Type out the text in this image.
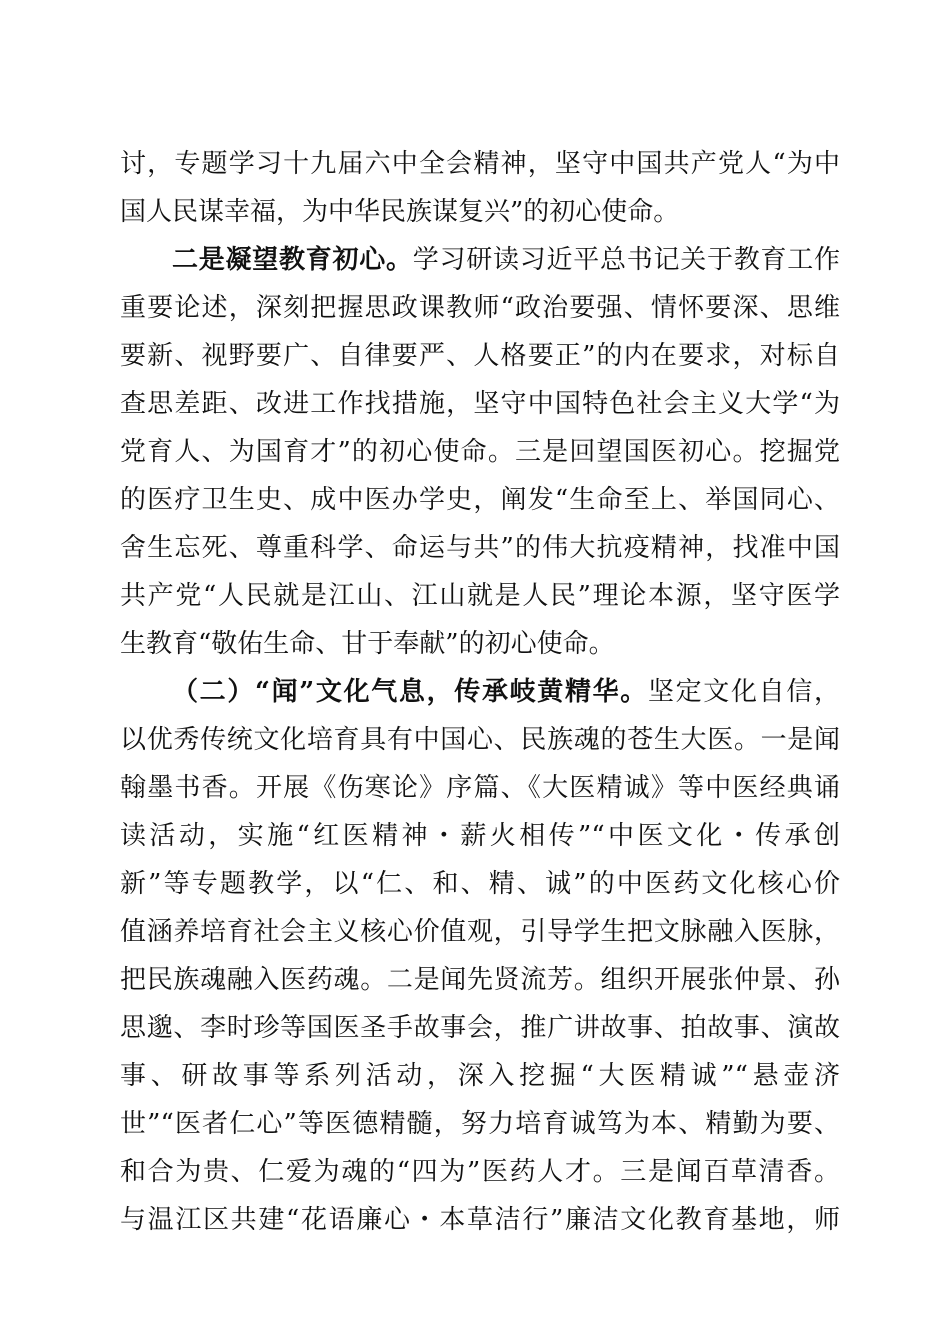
讨，专题学习十九届六中全会精神，坚守中国共产党人“为中
国人民谋幸福，为中华民族谋复兴”的初心使命。
二是凝望教育初心。学习研读习近平总书记关于教育工作
重要论述，深刻把握思政课教师“政治要强、情怀要深、思维
要新、视野要广、自律要严、人格要正”的内在要求，对标自
查思差距、改进工作找措施，坚守中国特色社会主义大学“为
党育人、为国育才”的初心使命。三是回望国医初心。挖掘党
的医疗卫生史、成中医办学史，阐发“生命至上、举国同心、
舍生忘死、尊重科学、命运与共”的伟大抗疫精神，找准中国
共产党“人民就是江山、江山就是人民”理论本源，坚守医学
生教育“敬佑生命、甘于奉献”的初心使命。
（二）“闻”文化气息，传承岐黄精华。坚定文化自信，
以优秀传统文化培育具有中国心、民族魂的苍生大医。一是闻
翰墨书香。开展《伤寒论》序篇、《大医精诚》等中医经典诵
读活动，实施“红医精神・薪火相传”“中医文化・传承创
新”等专题教学，以“仁、和、精、诚”的中医药文化核心价
值涵养培育社会主义核心价值观，引导学生把文脉融入医脉，
把民族魂融入医药魂。二是闻先贤流芳。组织开展张仲景、孙
思邈、李时珍等国医圣手故事会，推广讲故事、拍故事、演故
事、研故事等系列活动，深入挖掘“大医精诚”“悬壶济
世”“医者仁心”等医德精髓，努力培育诚笃为本、精勤为要、
和合为贵、仁爱为魂的“四为”医药人才。三是闻百草清香。
与温江区共建“花语廉心・本草洁行”廉洁文化教育基地，师
